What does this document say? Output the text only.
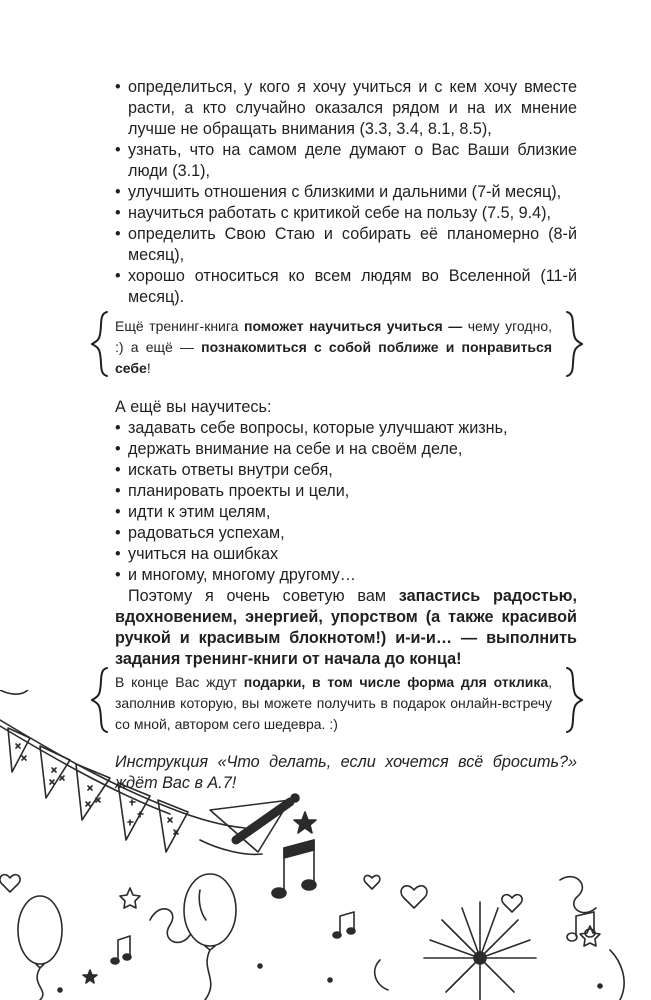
• определиться, у кого я хочу учиться и с кем хочу вместе расти, а кто случайно оказался рядом и на их мнение лучше не обращать внимания (3.3, 3.4, 8.1, 8.5),
• узнать, что на самом деле думают о Вас Ваши близкие люди (3.1),
• улучшить отношения с близкими и дальними (7-й месяц),
• научиться работать с критикой себе на пользу (7.5, 9.4),
• определить Свою Стаю и собирать её планомерно (8-й месяц),
• хорошо относиться ко всем людям во Вселенной (11-й месяц).
Ещё тренинг-книга поможет научиться учиться — чему угодно, :) а ещё — познакомиться с собой поближе и понравиться себе!

А ещё вы научитесь:

• задавать себе вопросы, которые улучшают жизнь,
• держать внимание на себе и на своём деле,
• искать ответы внутри себя,
• планировать проекты и цели,
• идти к этим целям,
• радоваться успехам,
• учиться на ошибках
• и многому, многому другому…

Поэтому я очень советую вам запастись радостью, вдохновением, энергией, упорством (а также красивой ручкой и красивым блокнотом!) и-и-и… — выполнить задания тренинг-книги от начала до конца!

В конце Вас ждут подарки, в том числе форма для отклика, заполнив которую, вы можете получить в подарок онлайн-встречу со мной, автором сего шедевра. :)
Инструкция «Что делать, если хочется всё бросить?» ждёт Вас в А.7!
